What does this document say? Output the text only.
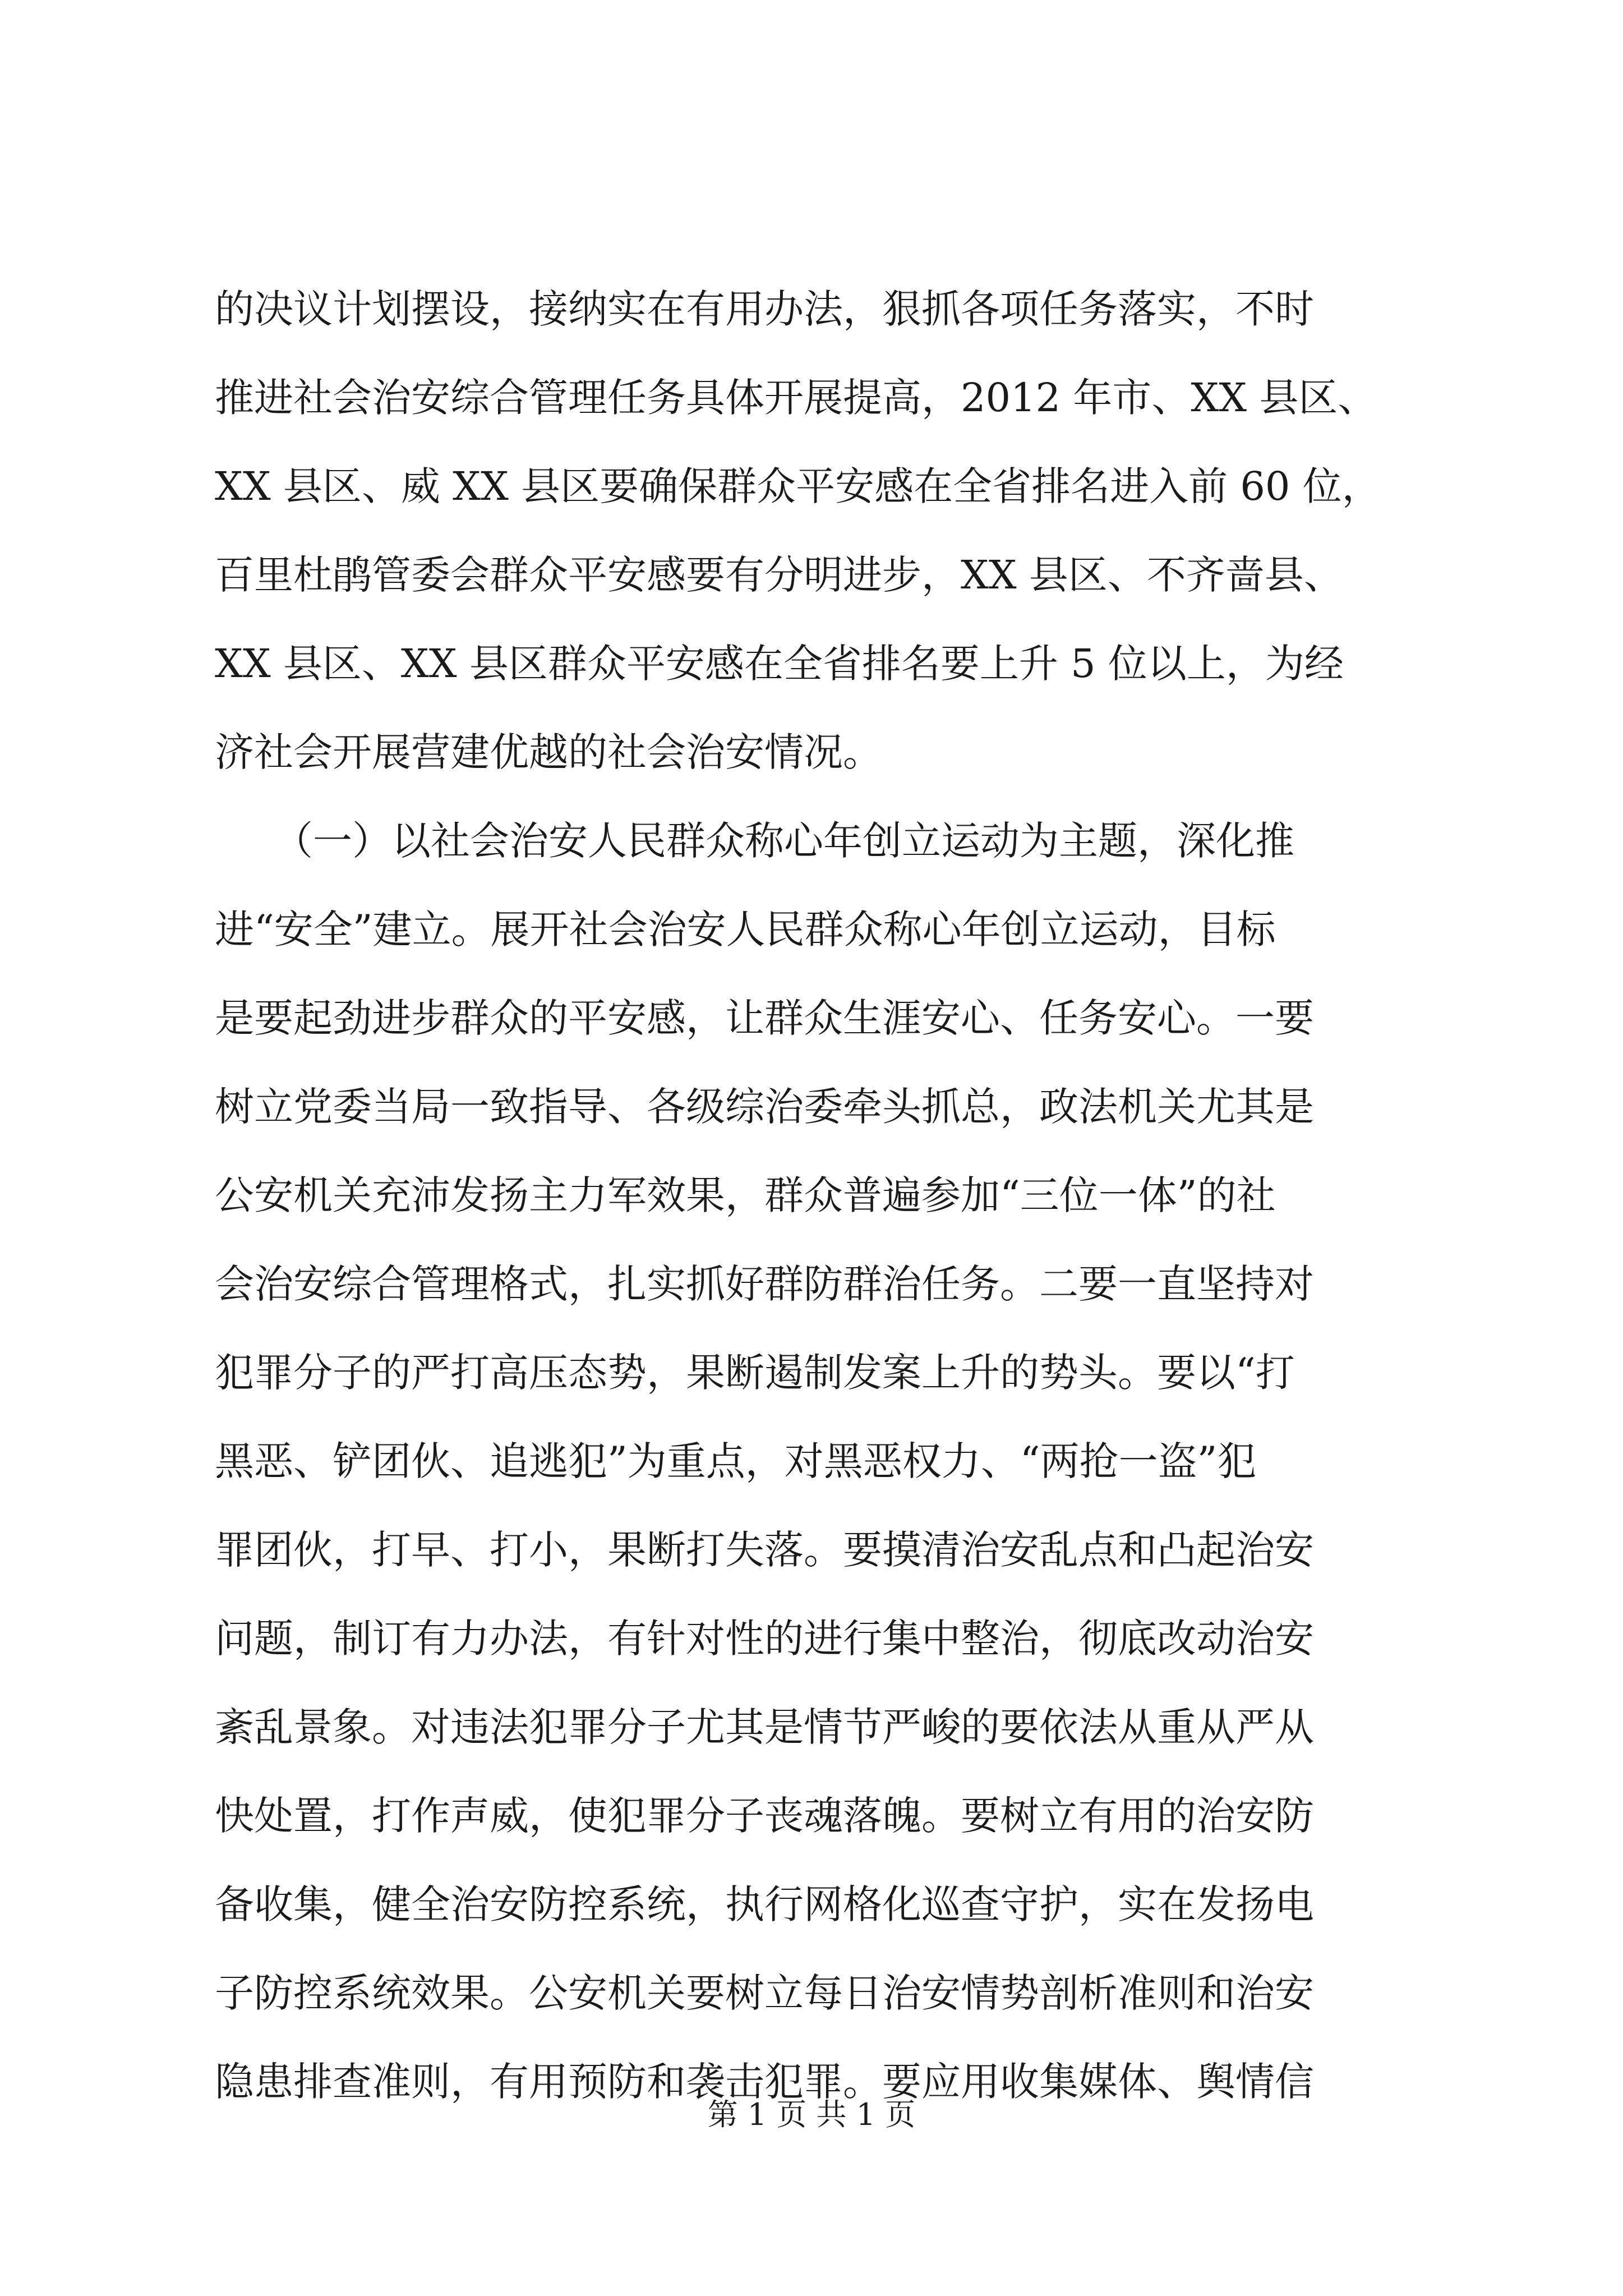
的决议计划摆设，接纳实在有用办法，狠抓各项任务落实，不时
推进社会治安综合管理任务具体开展提高，2012 年市、XX 县区、
XX 县区、威 XX 县区要确保群众平安感在全省排名进入前 60 位，
百里杜鹃管委会群众平安感要有分明进步，XX 县区、不齐啬县、
XX 县区、XX 县区群众平安感在全省排名要上升 5 位以上，为经
济社会开展营建优越的社会治安情况。
　　（一）以社会治安人民群众称心年创立运动为主题，深化推
进“安全”建立。展开社会治安人民群众称心年创立运动，目标
是要起劲进步群众的平安感，让群众生涯安心、任务安心。一要
树立党委当局一致指导、各级综治委牵头抓总，政法机关尤其是
公安机关充沛发扬主力军效果，群众普遍参加“三位一体”的社
会治安综合管理格式，扎实抓好群防群治任务。二要一直坚持对
犯罪分子的严打高压态势，果断遏制发案上升的势头。要以“打
黑恶、铲团伙、追逃犯”为重点，对黑恶权力、“两抢一盗”犯
罪团伙，打早、打小，果断打失落。要摸清治安乱点和凸起治安
问题，制订有力办法，有针对性的进行集中整治，彻底改动治安
紊乱景象。对违法犯罪分子尤其是情节严峻的要依法从重从严从
快处置，打作声威，使犯罪分子丧魂落魄。要树立有用的治安防
备收集，健全治安防控系统，执行网格化巡查守护，实在发扬电
子防控系统效果。公安机关要树立每日治安情势剖析准则和治安
隐患排查准则，有用预防和袭击犯罪。要应用收集媒体、舆情信
第 1 页 共 1 页
